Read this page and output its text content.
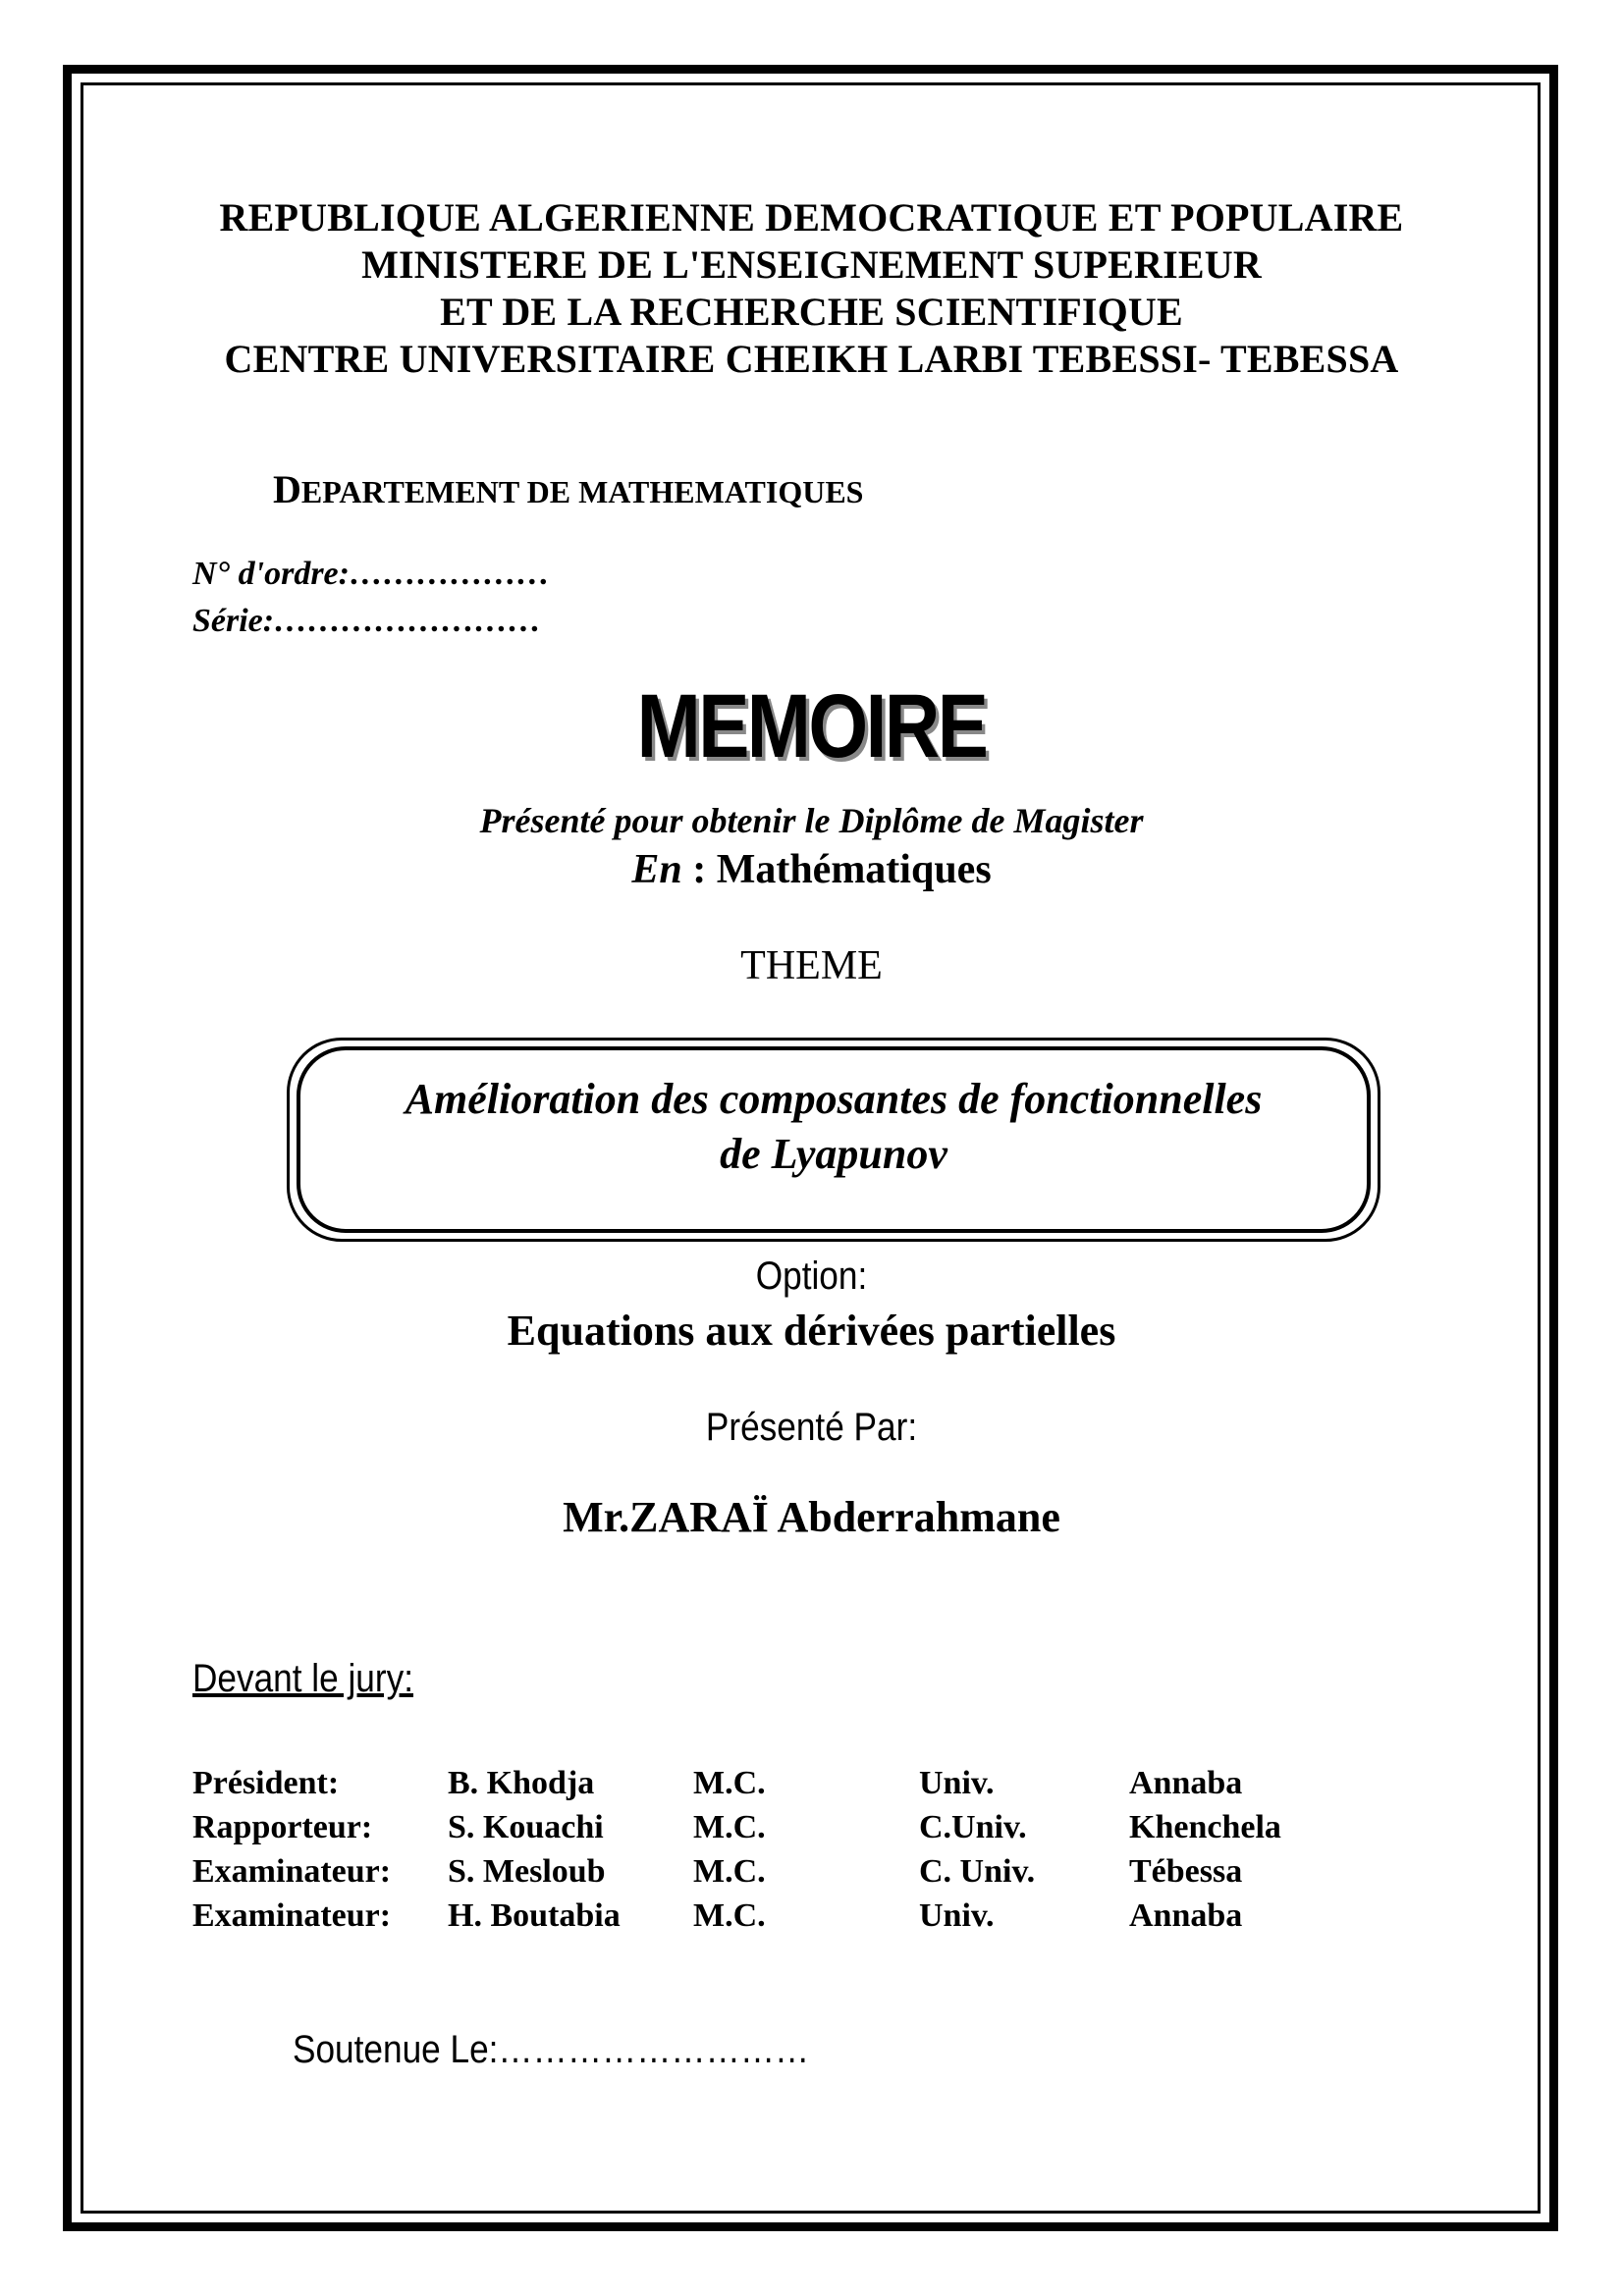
REPUBLIQUE ALGERIENNE DEMOCRATIQUE ET POPULAIRE
MINISTERE DE L'ENSEIGNEMENT SUPERIEUR
ET DE LA RECHERCHE SCIENTIFIQUE
CENTRE UNIVERSITAIRE CHEIKH LARBI TEBESSI- TEBESSA
DEPARTEMENT DE MATHEMATIQUES
N° d'ordre:………………
Série:……………………
MEMOIRE
Présenté pour obtenir le Diplôme de Magister
En : Mathématiques
THEME
Amélioration des composantes de fonctionnelles
de Lyapunov
Option:
Equations aux dérivées partielles
Présenté Par:
Mr.ZARAÏ Abderrahmane
Devant le jury:
Président:	B. Khodja	M.C.	Univ.	Annaba
Rapporteur: S. Kouachi	M.C.	C.Univ.	Khenchela
Examinateur: S. Mesloub	M.C.	C. Univ.	Tébessa
Examinateur: H. Boutabia M.C.	Univ.	Annaba
Soutenue Le:………………………
